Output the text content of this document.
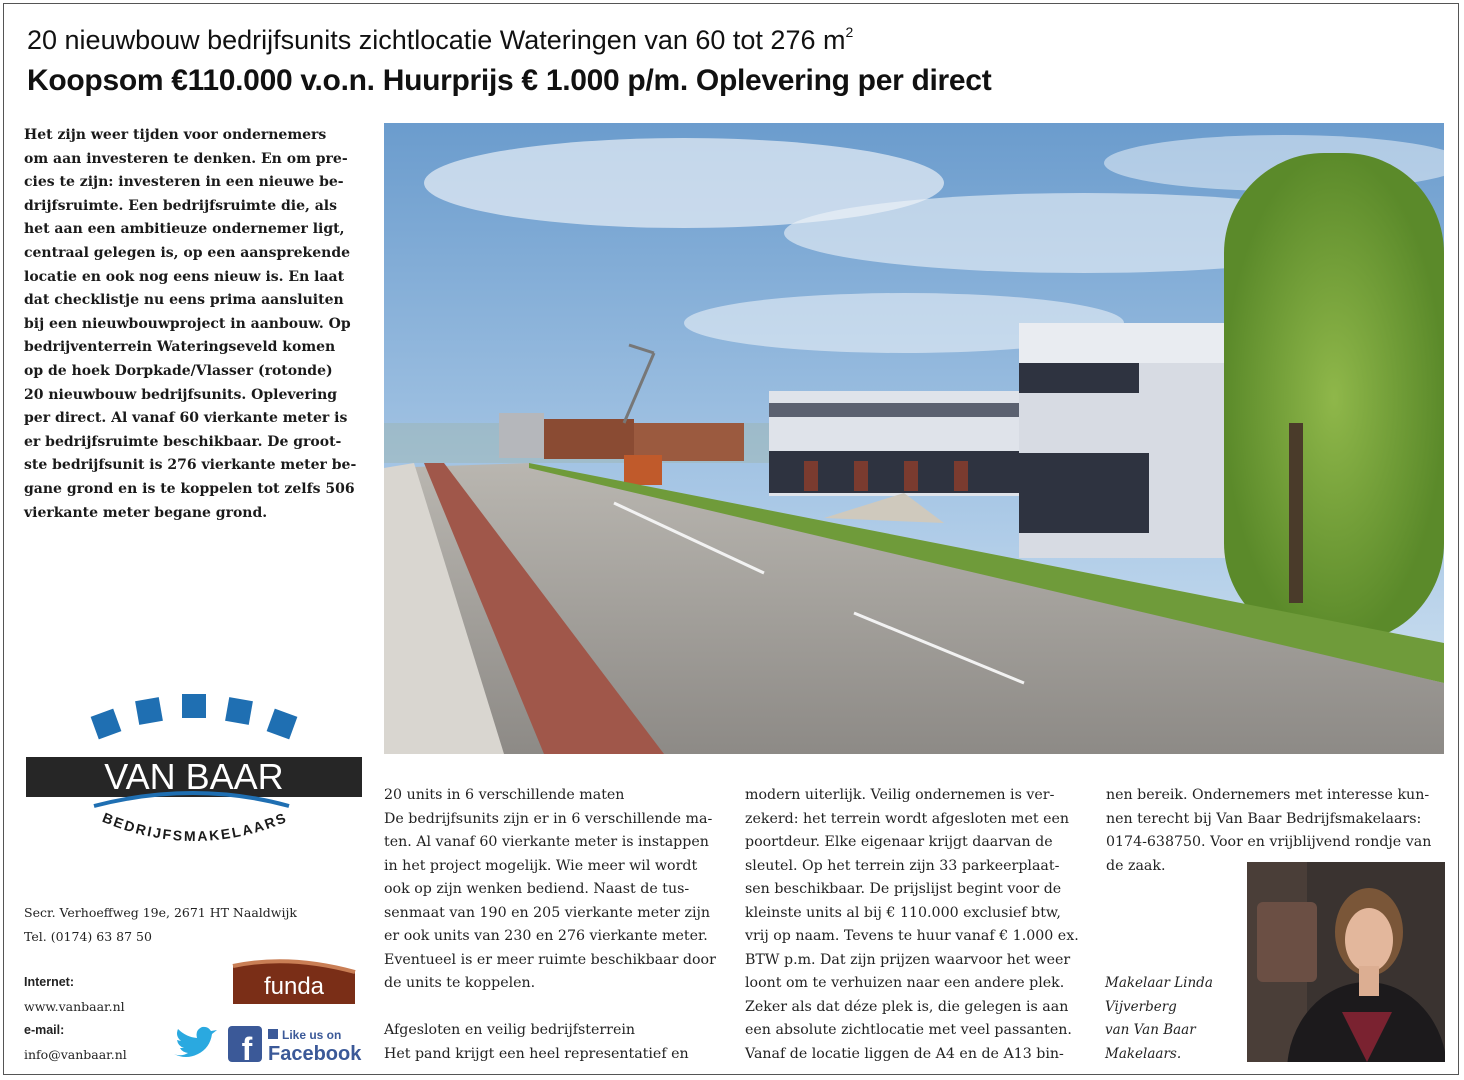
20 nieuwbouw bedrijfsunits zichtlocatie Wateringen van 60 tot 276 $m^2$
Koopsom €110.000 v.o.n. Huurprijs € 1.000 p/m. Oplevering per direct
Het zijn weer tijden voor ondernemers
om aan investeren te denken. En om pre-
cies te zijn: investeren in een nieuwe be-
drijfsruimte. Een bedrijfsruimte die, als
het aan een ambitieuze ondernemer ligt,
centraal gelegen is, op een aansprekende
locatie en ook nog eens nieuw is. En laat
dat checklistje nu eens prima aansluiten
bij een nieuwbouwproject in aanbouw. Op
bedrijventerrein Wateringseveld komen
op de hoek Dorpkade/Vlasser (rotonde)
20 nieuwbouw bedrijfsunits. Oplevering
per direct. Al vanaf 60 vierkante meter is
er bedrijfsruimte beschikbaar. De groot-
ste bedrijfsunit is 276 vierkante meter be-
gane grond en is te koppelen tot zelfs 506
vierkante meter begane grond.
VAN BAAR
BEDRIJFSMAKELAARS
Secr. Verhoeffweg 19e, 2671 HT Naaldwijk
Tel. (0174) 63 87 50
Internet:
www.vanbaar.nl
e-mail:
info@vanbaar.nl
funda
f Like us on
Facebook

20 units in 6 verschillende maten

De bedrijfsunits zijn er in 6 verschillende ma-

ten. Al vanaf 60 vierkante meter is instappen

in het project mogelijk. Wie meer wil wordt

ook op zijn wenken bediend. Naast de tus-

senmaat van 190 en 205 vierkante meter zijn

er ook units van 230 en 276 vierkante meter.

Eventueel is er meer ruimte beschikbaar door

de units te koppelen.

Afgesloten en veilig bedrijfsterrein

Het pand krijgt een heel representatief en

modern uiterlijk. Veilig ondernemen is ver-

zekerd: het terrein wordt afgesloten met een

poortdeur. Elke eigenaar krijgt daarvan de

sleutel. Op het terrein zijn 33 parkeerplaat-

sen beschikbaar. De prijslijst begint voor de

kleinste units al bij € 110.000 exclusief btw,

vrij op naam. Tevens te huur vanaf € 1.000 ex.

BTW p.m. Dat zijn prijzen waarvoor het weer

loont om te verhuizen naar een andere plek.

Zeker als dat déze plek is, die gelegen is aan

een absolute zichtlocatie met veel passanten.

Vanaf de locatie liggen de A4 en de A13 bin-

nen bereik. Ondernemers met interesse kun-

nen terecht bij Van Baar Bedrijfsmakelaars:

0174-638750. Voor en vrijblijvend rondje van

de zaak.

Makelaar Linda
Vijverberg
van Van Baar
Makelaars.
